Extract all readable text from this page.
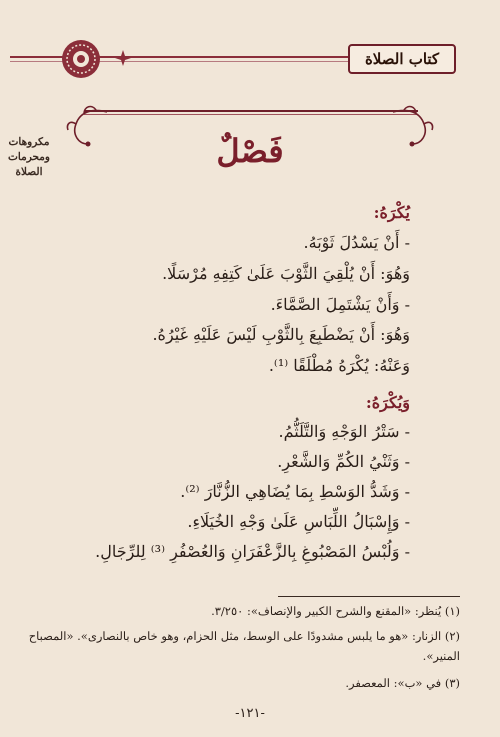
كتاب الصلاة
فَصْلٌ
مكروهات
ومحرمات
الصلاة
يُكْرَهُ:
- أَنْ يَسْدُلَ ثَوْبَهُ.
وَهُوَ: أَنْ يُلْقِيَ الثَّوْبَ عَلَىٰ كَتِفِهِ مُرْسَلًا.
- وَأَنْ يَشْتَمِلَ الصَّمَّاءَ.
وَهُوَ: أَنْ يَضْطَبِعَ بِالثَّوْبِ لَيْسَ عَلَيْهِ غَيْرُهُ.
وَعَنْهُ: يُكْرَهُ مُطْلَقًا ⁽¹⁾.
وَيُكْرَهُ:
- سَتْرُ الوَجْهِ وَالتَّلَثُّمُ.
- وَثَنْيُ الكُمِّ وَالشَّعْرِ.
- وَشَدُّ الوَسْطِ بِمَا يُضَاهِي الزُّنَّارَ ⁽²⁾.
- وَإِسْبَالُ اللِّبَاسِ عَلَىٰ وَجْهِ الخُيَلَاءِ.
- وَلُبْسُ المَصْبُوغِ بِالزَّعْفَرَانِ وَالعُصْفُرِ ⁽³⁾ لِلرِّجَالِ.
(١) يُنظر: «المقنع والشرح الكبير والإنصاف»: ٣/٢٥٠.
(٢) الزنار: «هو ما يلبس مشدودًا على الوسط، مثل الحزام، وهو خاص بالنصارى». «المصباح
المنير».
(٣) في «ب»: المعصفر.
-١٢١-
